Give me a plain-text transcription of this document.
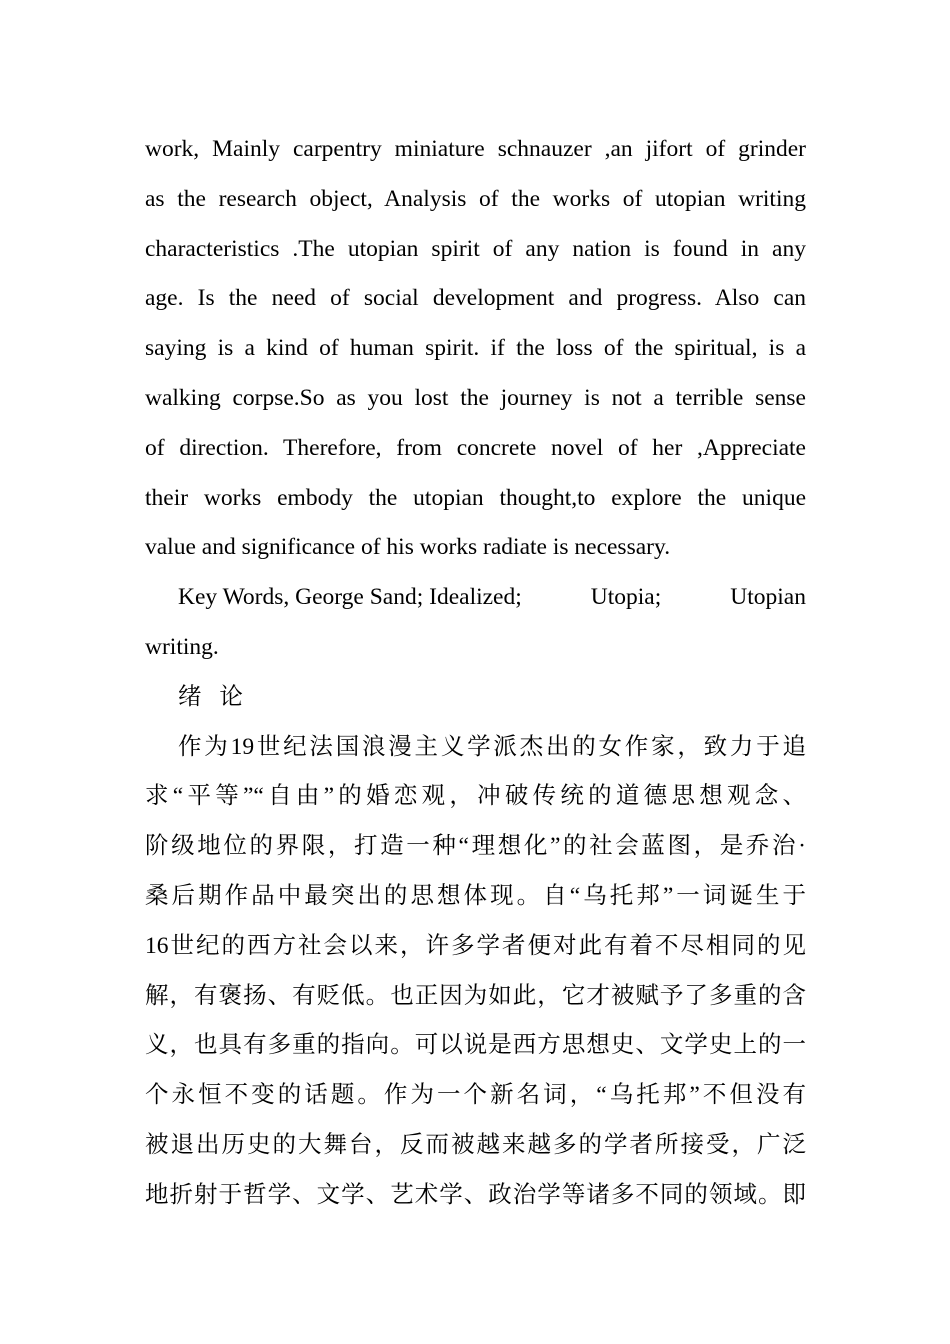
work, Mainly carpentry miniature schnauzer ,an jifort of grinder
as the research object, Analysis of the works of utopian writing
characteristics .The utopian spirit of any nation is found in any
age. Is the need of social development and progress. Also can
saying is a kind of human spirit. if the loss of the spiritual, is a
walking corpse.So as you lost the journey is not a terrible sense
of direction. Therefore, from concrete novel of her ,Appreciate
their works embody the utopian thought,to explore the unique
value and significance of his works radiate is necessary.
Key Words, George Sand; Idealized;	Utopia;	Utopian
writing.

绪 论

作为19世纪法国浪漫主义学派杰出的女作家，致力于追
求“平等”“自由”的婚恋观，冲破传统的道德思想观念、
阶级地位的界限，打造一种“理想化”的社会蓝图，是乔治·
桑后期作品中最突出的思想体现。自“乌托邦”一词诞生于
16世纪的西方社会以来，许多学者便对此有着不尽相同的见
解，有褒扬、有贬低。也正因为如此，它才被赋予了多重的含
义，也具有多重的指向。可以说是西方思想史、文学史上的一
个永恒不变的话题。作为一个新名词，“乌托邦”不但没有
被退出历史的大舞台，反而被越来越多的学者所接受，广泛
地折射于哲学、文学、艺术学、政治学等诸多不同的领域。即
